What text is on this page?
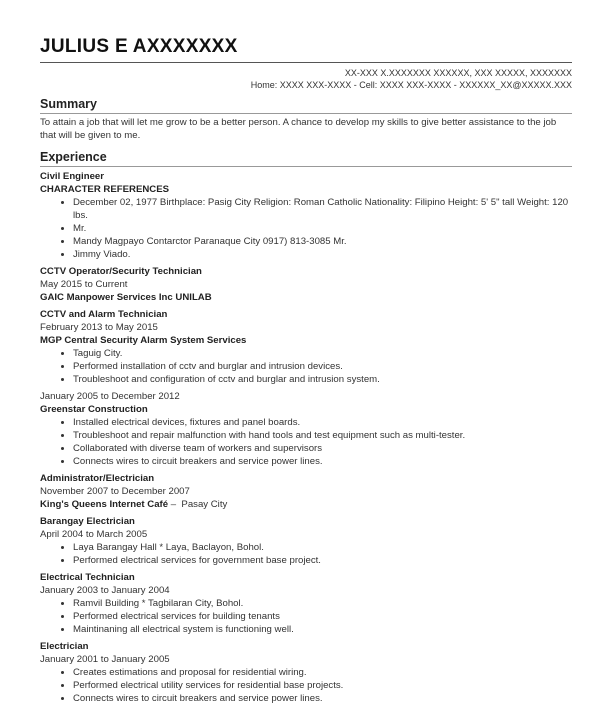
JULIUS E AXXXXXXX
XX-XXX X.XXXXXXX XXXXXX, XXX XXXXX, XXXXXXX
Home: XXXX XXX-XXXX - Cell: XXXX XXX-XXXX - XXXXXX_XX@XXXXX.XXX
Summary
To attain a job that will let me grow to be a better person. A chance to develop my skills to give better assistance to the job that will be given to me.
Experience
Civil Engineer
CHARACTER REFERENCES
• December 02, 1977 Birthplace: Pasig City Religion: Roman Catholic Nationality: Filipino Height: 5' 5" tall Weight: 120 lbs.
• Mr.
• Mandy Magpayo Contarctor Paranaque City 0917) 813-3085 Mr.
• Jimmy Viado.
CCTV Operator/Security Technician
May 2015 to Current
GAIC Manpower Services Inc UNILAB
CCTV and Alarm Technician
February 2013 to May 2015
MGP Central Security Alarm System Services
• Taguig City.
• Performed installation of cctv and burglar and intrusion devices.
• Troubleshoot and configuration of cctv and burglar and intrusion system.
January 2005 to December 2012
Greenstar Construction
• Installed electrical devices, fixtures and panel boards.
• Troubleshoot and repair malfunction with hand tools and test equipment such as multi-tester.
• Collaborated with diverse team of workers and supervisors
• Connects wires to circuit breakers and service power lines.
Administrator/Electrician
November 2007 to December 2007
King's Queens Internet Café –  Pasay City
Barangay Electrician
April 2004 to March 2005
• Laya Barangay Hall * Laya, Baclayon, Bohol.
• Performed electrical services for government base project.
Electrical Technician
January 2003 to January 2004
• Ramvil Building * Tagbilaran City, Bohol.
• Performed electrical services for building tenants
• Maintinaning all electrical system is functioning well.
Electrician
January 2001 to January 2005
• Creates estimations and proposal for residential wiring.
• Performed electrical utility services for residential base projects.
• Connects wires to circuit breakers and service power lines.
